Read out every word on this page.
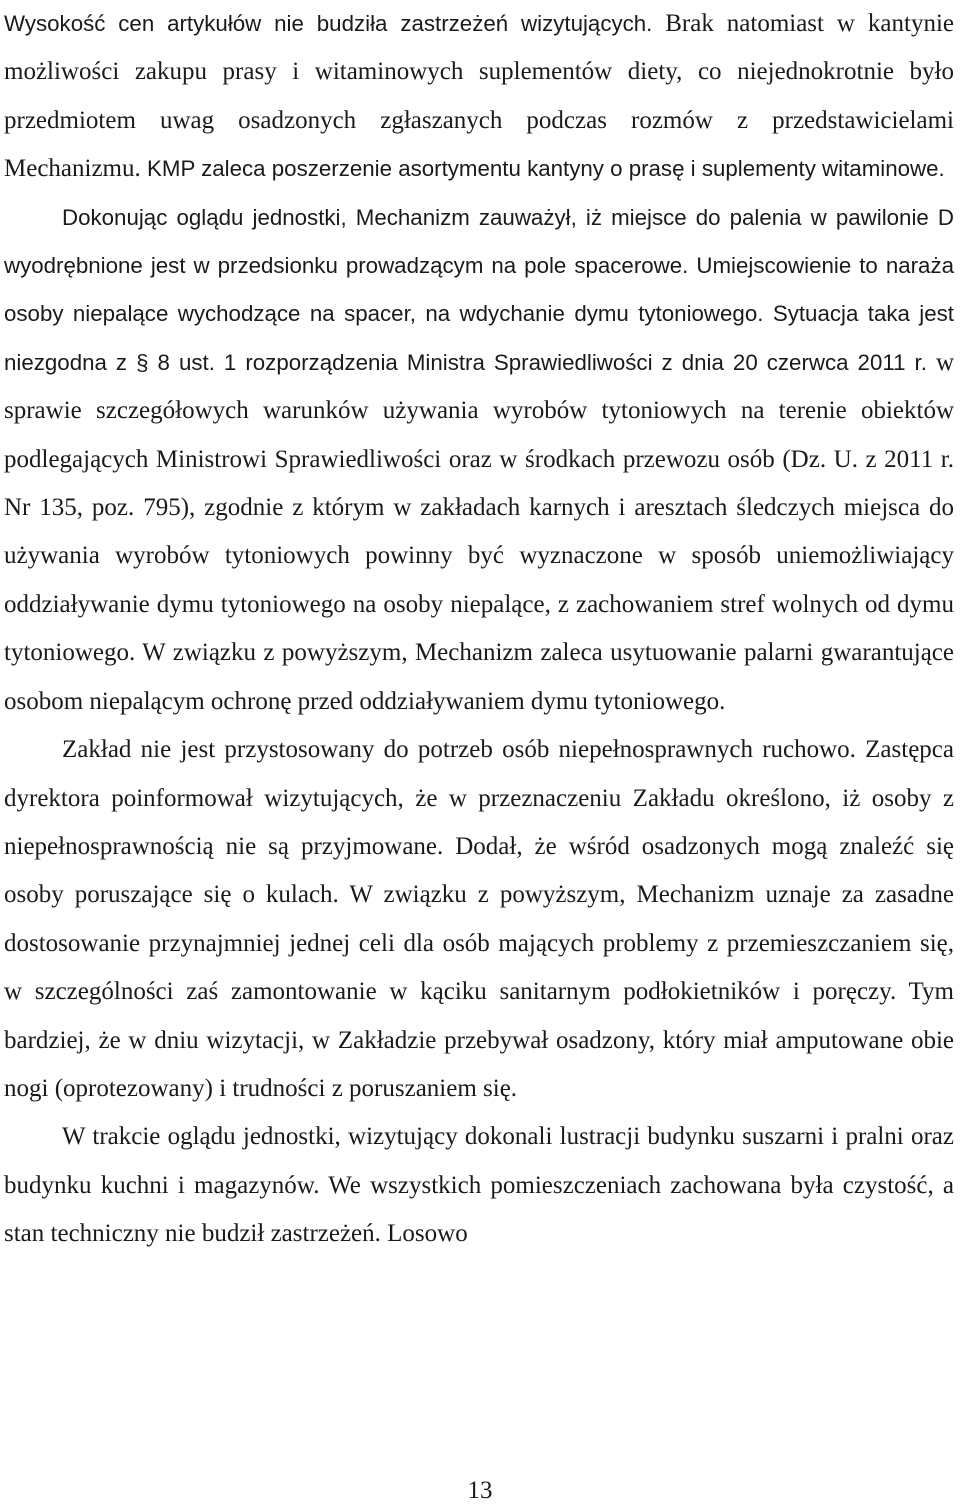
Wysokość cen artykułów nie budziła zastrzeżeń wizytujących. Brak natomiast w kantynie możliwości zakupu prasy i witaminowych suplementów diety, co niejednokrotnie było przedmiotem uwag osadzonych zgłaszanych podczas rozmów z przedstawicielami Mechanizmu. KMP zaleca poszerzenie asortymentu kantyny o prasę i suplementy witaminowe.

Dokonując oglądu jednostki, Mechanizm zauważył, iż miejsce do palenia w pawilonie D wyodrębnione jest w przedsionku prowadzącym na pole spacerowe. Umiejscowienie to naraża osoby niepalące wychodzące na spacer, na wdychanie dymu tytoniowego. Sytuacja taka jest niezgodna z § 8 ust. 1 rozporządzenia Ministra Sprawiedliwości z dnia 20 czerwca 2011 r. w sprawie szczegółowych warunków używania wyrobów tytoniowych na terenie obiektów podlegających Ministrowi Sprawiedliwości oraz w środkach przewozu osób (Dz. U. z 2011 r. Nr 135, poz. 795), zgodnie z którym w zakładach karnych i aresztach śledczych miejsca do używania wyrobów tytoniowych powinny być wyznaczone w sposób uniemożliwiający oddziaływanie dymu tytoniowego na osoby niepalące, z zachowaniem stref wolnych od dymu tytoniowego. W związku z powyższym, Mechanizm zaleca usytuowanie palarni gwarantujące osobom niepalącym ochronę przed oddziaływaniem dymu tytoniowego.

Zakład nie jest przystosowany do potrzeb osób niepełnosprawnych ruchowo. Zastępca dyrektora poinformował wizytujących, że w przeznaczeniu Zakładu określono, iż osoby z niepełnosprawnością nie są przyjmowane. Dodał, że wśród osadzonych mogą znaleźć się osoby poruszające się o kulach. W związku z powyższym, Mechanizm uznaje za zasadne dostosowanie przynajmniej jednej celi dla osób mających problemy z przemieszczaniem się, w szczególności zaś zamontowanie w kąciku sanitarnym podłokietników i poręczy. Tym bardziej, że w dniu wizytacji, w Zakładzie przebywał osadzony, który miał amputowane obie nogi (oprotezowany) i trudności z poruszaniem się.

W trakcie oglądu jednostki, wizytujący dokonali lustracji budynku suszarni i pralni oraz budynku kuchni i magazynów. We wszystkich pomieszczeniach zachowana była czystość, a stan techniczny nie budził zastrzeżeń. Losowo

13
